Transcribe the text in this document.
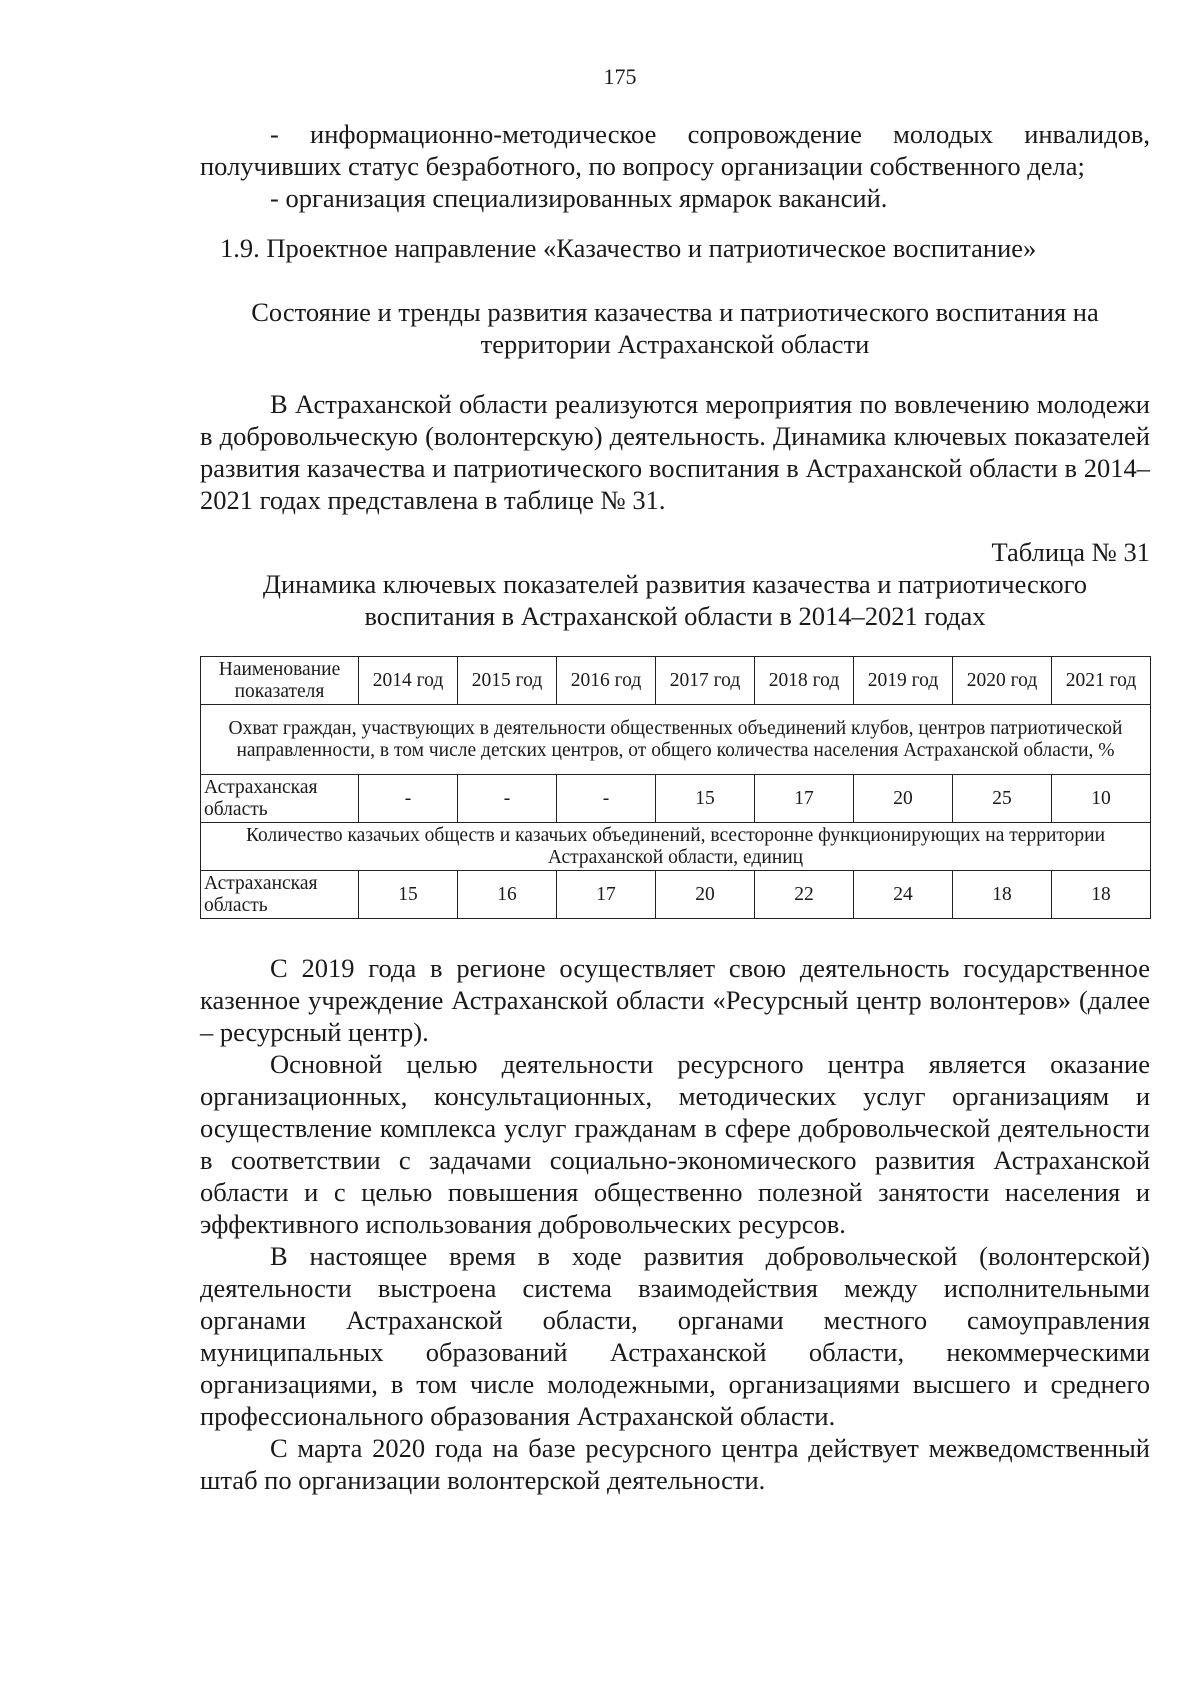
175

- информационно-методическое сопровождение молодых инвалидов, получивших статус безработного, по вопросу организации собственного дела;

- организация специализированных ярмарок вакансий.

1.9. Проектное направление «Казачество и патриотическое воспитание»
Состояние и тренды развития казачества и патриотического воспитания на территории Астраханской области

В Астраханской области реализуются мероприятия по вовлечению молодежи в добровольческую (волонтерскую) деятельность. Динамика ключевых показателей развития казачества и патриотического воспитания в Астраханской области в 2014–2021 годах представлена в таблице № 31.

Таблица № 31
Динамика ключевых показателей развития казачества и патриотического воспитания в Астраханской области в 2014–2021 годах
Наименование показателя	2014 год	2015 год	2016 год	2017 год	2018 год	2019 год	2020 год	2021 год
Охват граждан, участвующих в деятельности общественных объединений клубов, центров патриотической направленности, в том числе детских центров, от общего количества населения Астраханской области, %								
Астраханская область	-	-	-	15	17	20	25	10
Количество казачьих обществ и казачьих объединений, всесторонне функционирующих на территории Астраханской области, единиц								
Астраханская область	15	16	17	20	22	24	18	18

С 2019 года в регионе осуществляет свою деятельность государственное казенное учреждение Астраханской области «Ресурсный центр волонтеров» (далее – ресурсный центр).

Основной целью деятельности ресурсного центра является оказание организационных, консультационных, методических услуг организациям и осуществление комплекса услуг гражданам в сфере добровольческой деятельности в соответствии с задачами социально-экономического развития Астраханской области и с целью повышения общественно полезной занятости населения и эффективного использования добровольческих ресурсов.

В настоящее время в ходе развития добровольческой (волонтерской) деятельности выстроена система взаимодействия между исполнительными органами Астраханской области, органами местного самоуправления муниципальных образований Астраханской области, некоммерческими организациями, в том числе молодежными, организациями высшего и среднего профессионального образования Астраханской области.

С марта 2020 года на базе ресурсного центра действует межведомственный штаб по организации волонтерской деятельности.
